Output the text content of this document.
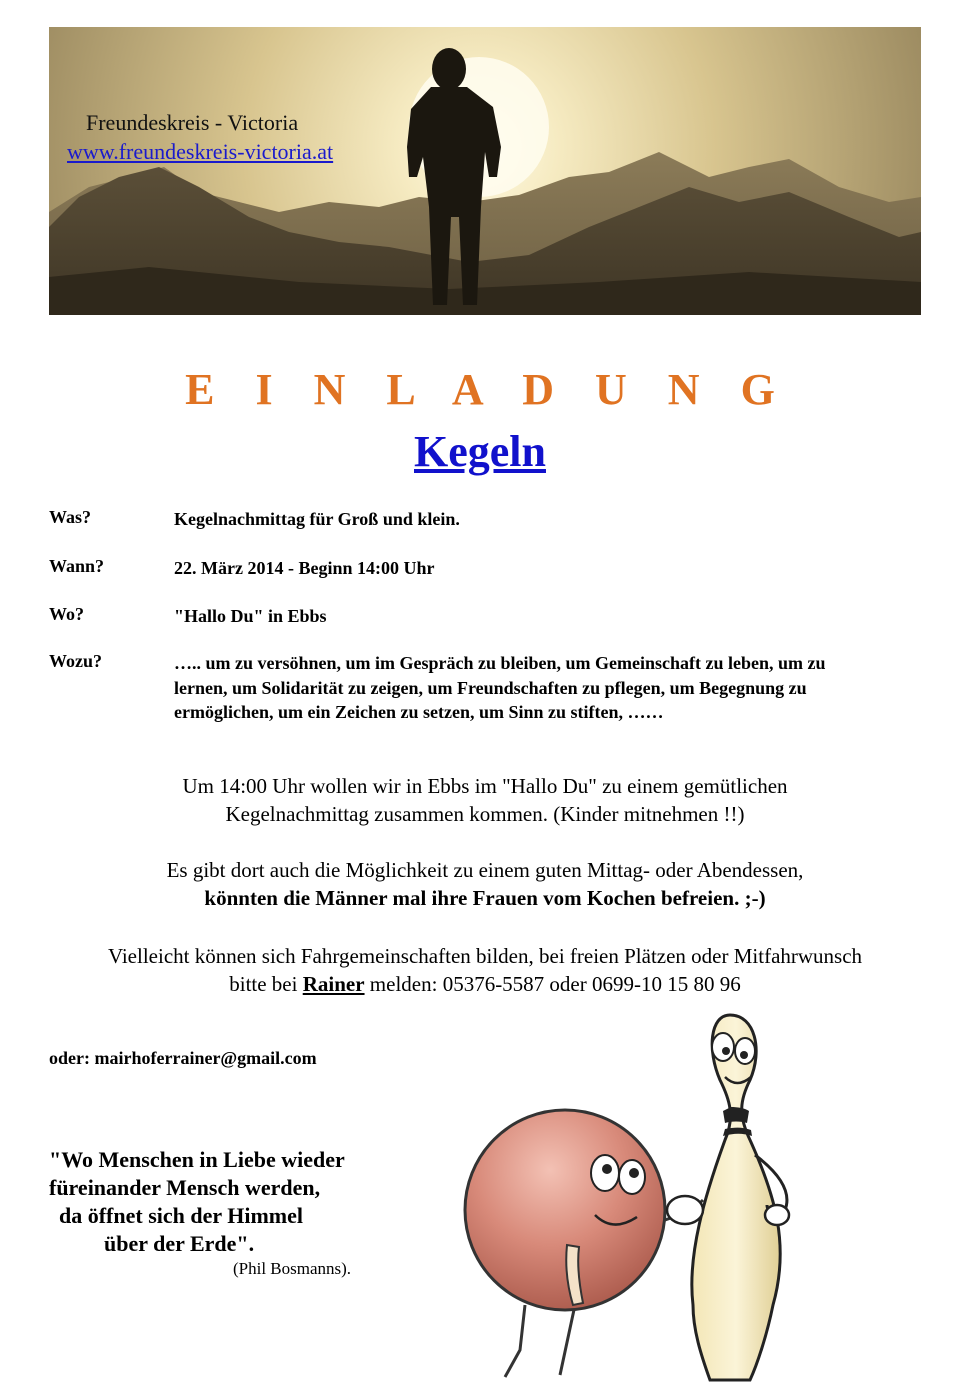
Freundeskreis - Victoria
www.freundeskreis-victoria.at
E I N L A D U N G
Kegeln
Was?	Kegelnachmittag für Groß und klein.
Wann?	22. März 2014 - Beginn 14:00 Uhr
Wo?	"Hallo Du" in Ebbs
Wozu?	….. um zu versöhnen, um im Gespräch zu bleiben, um Gemeinschaft zu leben, um zu lernen, um Solidarität zu zeigen, um Freundschaften zu pflegen, um Begegnung zu ermöglichen, um ein Zeichen zu setzen, um Sinn zu stiften, ……

Um 14:00 Uhr wollen wir in Ebbs im "Hallo Du" zu einem gemütlichen Kegelnachmittag zusammen kommen. (Kinder mitnehmen !!)

Es gibt dort auch die Möglichkeit zu einem guten Mittag- oder Abendessen,

könnten die Männer mal ihre Frauen vom Kochen befreien. ;-)

Vielleicht können sich Fahrgemeinschaften bilden, bei freien Plätzen oder Mitfahrwunsch bitte bei Rainer melden: 05376-5587 oder 0699-10 15 80 96

oder: mairhoferrainer@gmail.com
"Wo Menschen in Liebe wieder
füreinander Mensch werden,
da öffnet sich der Himmel
über der Erde".
(Phil Bosmanns).
